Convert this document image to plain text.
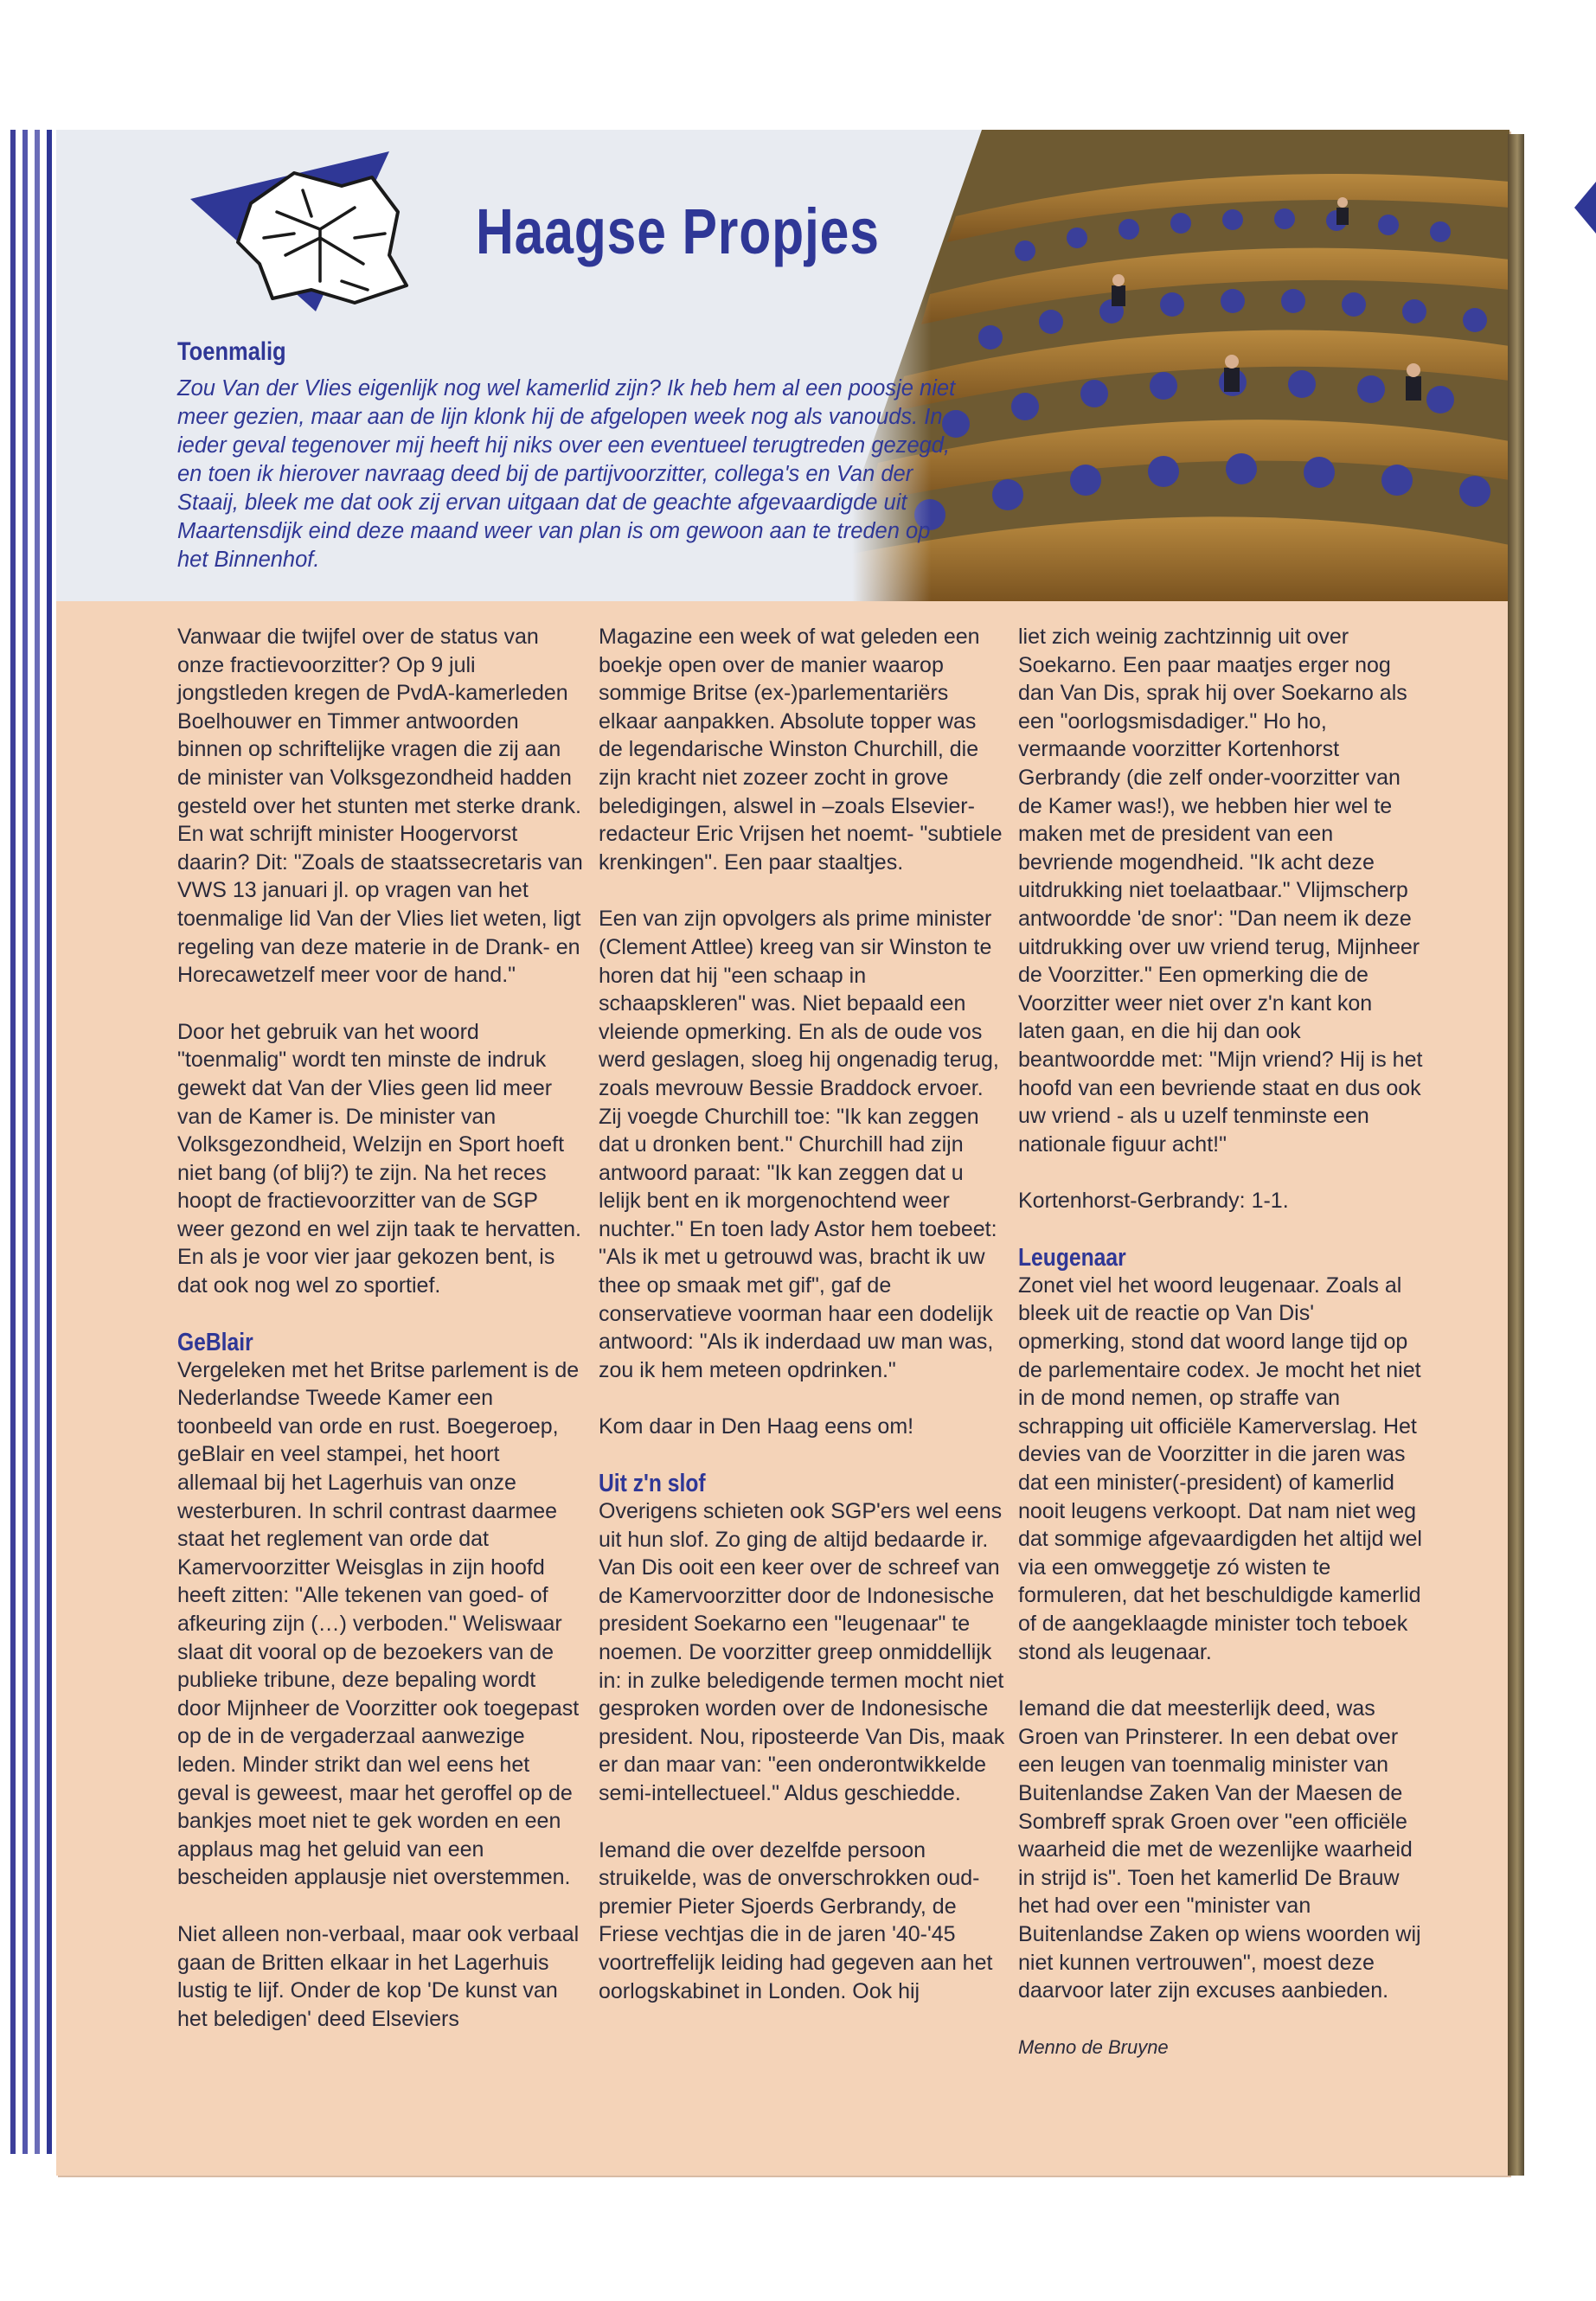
Haagse Propjes
Toenmalig
Zou Van der Vlies eigenlijk nog wel kamerlid zijn? Ik heb hem al een poosje niet meer gezien, maar aan de lijn klonk hij de afgelopen week nog als vanouds. In ieder geval tegenover mij heeft hij niks over een eventueel terugtreden gezegd, en toen ik hierover navraag deed bij de partijvoorzitter, collega's en Van der Staaij, bleek me dat ook zij ervan uitgaan dat de geachte afgevaardigde uit Maartensdijk eind deze maand weer van plan is om gewoon aan te treden op het Binnenhof.

Vanwaar die twijfel over de status van onze fractievoorzitter? Op 9 juli jongstleden kregen de PvdA-kamerleden Boelhouwer en Timmer antwoorden binnen op schriftelijke vragen die zij aan de minister van Volksgezondheid hadden gesteld over het stunten met sterke drank. En wat schrijft minister Hoogervorst daarin? Dit: "Zoals de staatssecretaris van VWS 13 januari jl. op vragen van het toenmalige lid Van der Vlies liet weten, ligt regeling van deze materie in de Drank- en Horecawetzelf meer voor de hand."

Door het gebruik van het woord "toenmalig" wordt ten minste de indruk gewekt dat Van der Vlies geen lid meer van de Kamer is. De minister van Volksgezondheid, Welzijn en Sport hoeft niet bang (of blij?) te zijn. Na het reces hoopt de fractievoorzitter van de SGP weer gezond en wel zijn taak te hervatten. En als je voor vier jaar gekozen bent, is dat ook nog wel zo sportief.

GeBlair

Vergeleken met het Britse parlement is de Nederlandse Tweede Kamer een toonbeeld van orde en rust. Boegeroep, geBlair en veel stampei, het hoort allemaal bij het Lagerhuis van onze westerburen. In schril contrast daarmee staat het reglement van orde dat Kamervoorzitter Weisglas in zijn hoofd heeft zitten: "Alle tekenen van goed- of afkeuring zijn (…) verboden." Weliswaar slaat dit vooral op de bezoekers van de publieke tribune, deze bepaling wordt door Mijnheer de Voorzitter ook toegepast op de in de vergaderzaal aanwezige leden. Minder strikt dan wel eens het geval is geweest, maar het geroffel op de bankjes moet niet te gek worden en een applaus mag het geluid van een bescheiden applausje niet overstemmen.

Niet alleen non-verbaal, maar ook verbaal gaan de Britten elkaar in het Lagerhuis lustig te lijf. Onder de kop 'De kunst van het beledigen' deed Elseviers

Magazine een week of wat geleden een boekje open over de manier waarop sommige Britse (ex-)parlementariërs elkaar aanpakken. Absolute topper was de legendarische Winston Churchill, die zijn kracht niet zozeer zocht in grove beledigingen, alswel in –zoals Elsevier-redacteur Eric Vrijsen het noemt- "subtiele krenkingen". Een paar staaltjes.

Een van zijn opvolgers als prime minister (Clement Attlee) kreeg van sir Winston te horen dat hij "een schaap in schaapskleren" was. Niet bepaald een vleiende opmerking. En als de oude vos werd geslagen, sloeg hij ongenadig terug, zoals mevrouw Bessie Braddock ervoer. Zij voegde Churchill toe: "Ik kan zeggen dat u dronken bent." Churchill had zijn antwoord paraat: "Ik kan zeggen dat u lelijk bent en ik morgenochtend weer nuchter." En toen lady Astor hem toebeet: "Als ik met u getrouwd was, bracht ik uw thee op smaak met gif", gaf de conservatieve voorman haar een dodelijk antwoord: "Als ik inderdaad uw man was, zou ik hem meteen opdrinken."

Kom daar in Den Haag eens om!

Uit z'n slof

Overigens schieten ook SGP'ers wel eens uit hun slof. Zo ging de altijd bedaarde ir. Van Dis ooit een keer over de schreef van de Kamervoorzitter door de Indonesische president Soekarno een "leugenaar" te noemen. De voorzitter greep onmiddellijk in: in zulke beledigende termen mocht niet gesproken worden over de Indonesische president. Nou, riposteerde Van Dis, maak er dan maar van: "een onderontwikkelde semi-intellectueel." Aldus geschiedde.

Iemand die over dezelfde persoon struikelde, was de onverschrokken oud-premier Pieter Sjoerds Gerbrandy, de Friese vechtjas die in de jaren '40-'45 voortreffelijk leiding had gegeven aan het oorlogskabinet in Londen. Ook hij

liet zich weinig zachtzinnig uit over Soekarno. Een paar maatjes erger nog dan Van Dis, sprak hij over Soekarno als een "oorlogsmisdadiger." Ho ho, vermaande voorzitter Kortenhorst Gerbrandy (die zelf onder-voorzitter van de Kamer was!), we hebben hier wel te maken met de president van een bevriende mogendheid. "Ik acht deze uitdrukking niet toelaatbaar." Vlijmscherp antwoordde 'de snor': "Dan neem ik deze uitdrukking over uw vriend terug, Mijnheer de Voorzitter." Een opmerking die de Voorzitter weer niet over z'n kant kon laten gaan, en die hij dan ook beantwoordde met: "Mijn vriend? Hij is het hoofd van een bevriende staat en dus ook uw vriend - als u uzelf tenminste een nationale figuur acht!"

Kortenhorst-Gerbrandy: 1-1.

Leugenaar

Zonet viel het woord leugenaar. Zoals al bleek uit de reactie op Van Dis' opmerking, stond dat woord lange tijd op de parlementaire codex. Je mocht het niet in de mond nemen, op straffe van schrapping uit officiële Kamerverslag. Het devies van de Voorzitter in die jaren was dat een minister(-president) of kamerlid nooit leugens verkoopt. Dat nam niet weg dat sommige afgevaardigden het altijd wel via een omweggetje zó wisten te formuleren, dat het beschuldigde kamerlid of de aangeklaagde minister toch teboek stond als leugenaar.

Iemand die dat meesterlijk deed, was Groen van Prinsterer. In een debat over een leugen van toenmalig minister van Buitenlandse Zaken Van der Maesen de Sombreff sprak Groen over "een officiële waarheid die met de wezenlijke waarheid in strijd is". Toen het kamerlid De Brauw het had over een "minister van Buitenlandse Zaken op wiens woorden wij niet kunnen vertrouwen", moest deze daarvoor later zijn excuses aanbieden.

Menno de Bruyne
